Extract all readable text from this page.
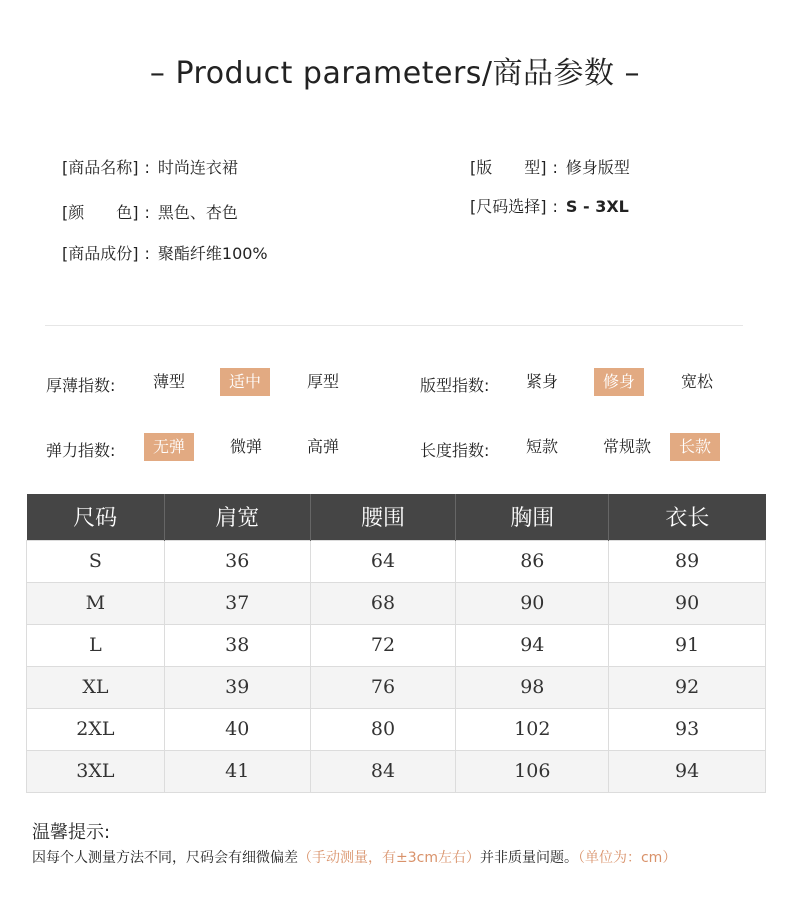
– Product parameters/商品参数 –
[商品名称] : 时尚连衣裙
[颜　　色] : 黑色、杏色
[商品成份] : 聚酯纤维100%
[版　　型] : 修身版型
[尺码选择] : S - 3XL
厚薄指数: 薄型	适中	厚型	版型指数: 紧身	修身	宽松
弹力指数:	无弹	微弹	高弹	长度指数: 短款	常规款	长款
尺码	肩宽	腰围	胸围	衣长
S	36	64	86	89
M	37	68	90	90
L	38	72	94	91
XL	39	76	98	92
2XL	40	80	102	93
3XL	41	84	106	94
温馨提示:
因每个人测量方法不同，尺码会有细微偏差（手动测量，有±3cm左右）并非质量问题。（单位为：cm）
